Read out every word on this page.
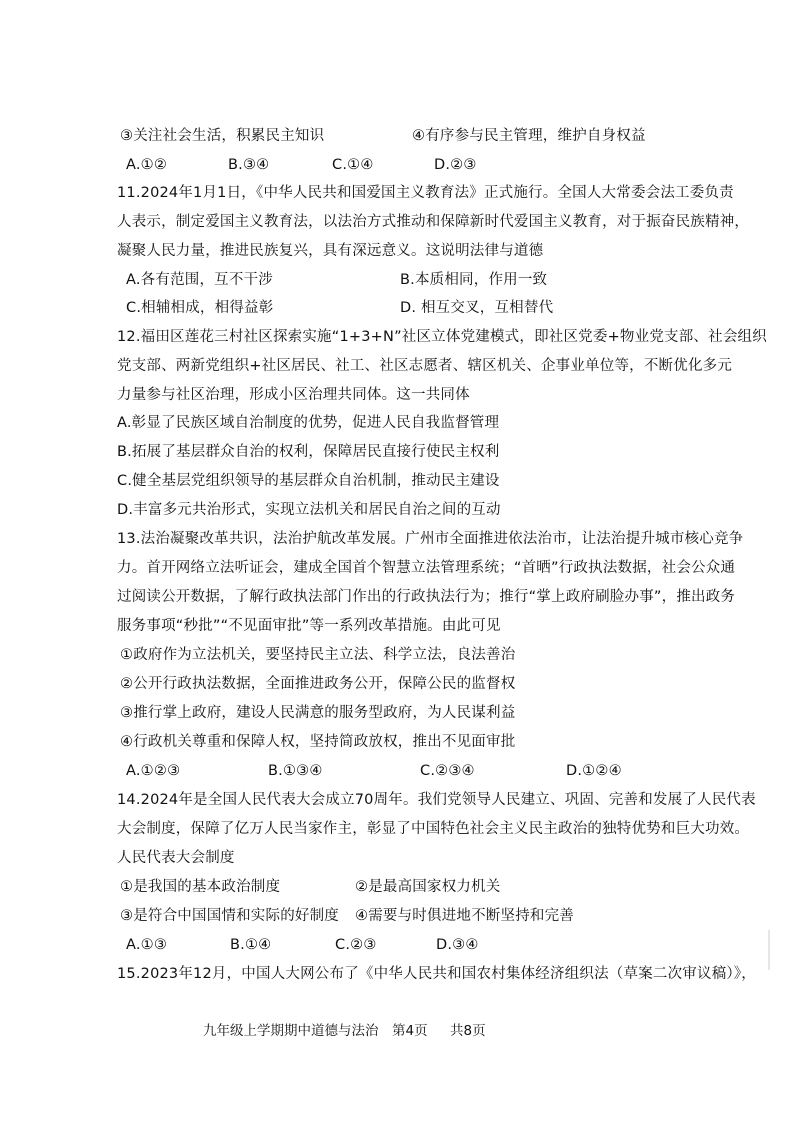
③关注社会生活，积累民主知识	④有序参与民主管理，维护自身权益
A.①②	B.③④	C.①④	D.②③
11.2024年1月1日，《中华人民共和国爱国主义教育法》正式施行。全国人大常委会法工委负责
人表示，制定爱国主义教育法，以法治方式推动和保障新时代爱国主义教育，对于振奋民族精神，
凝聚人民力量，推进民族复兴，具有深远意义。这说明法律与道德
A.各有范围，互不干涉	B.本质相同，作用一致
C.相辅相成，相得益彰	D. 相互交叉，互相替代
12.福田区莲花三村社区探索实施“1+3+N”社区立体党建模式，即社区党委+物业党支部、社会组织
党支部、两新党组织+社区居民、社工、社区志愿者、辖区机关、企事业单位等，不断优化多元
力量参与社区治理，形成小区治理共同体。这一共同体
A.彰显了民族区域自治制度的优势，促进人民自我监督管理
B.拓展了基层群众自治的权利，保障居民直接行使民主权利
C.健全基层党组织领导的基层群众自治机制，推动民主建设
D.丰富多元共治形式，实现立法机关和居民自治之间的互动
13.法治凝聚改革共识，法治护航改革发展。广州市全面推进依法治市，让法治提升城市核心竞争
力。首开网络立法听证会，建成全国首个智慧立法管理系统；“首晒”行政执法数据，社会公众通
过阅读公开数据，了解行政执法部门作出的行政执法行为；推行“掌上政府刷脸办事”，推出政务
服务事项“秒批”“不见面审批”等一系列改革措施。由此可见
①政府作为立法机关，要坚持民主立法、科学立法，良法善治
②公开行政执法数据，全面推进政务公开，保障公民的监督权
③推行掌上政府，建设人民满意的服务型政府，为人民谋利益
④行政机关尊重和保障人权，坚持简政放权，推出不见面审批
A.①②③	B.①③④	C.②③④	D.①②④
14.2024年是全国人民代表大会成立70周年。我们党领导人民建立、巩固、完善和发展了人民代表
大会制度，保障了亿万人民当家作主，彰显了中国特色社会主义民主政治的独特优势和巨大功效。
人民代表大会制度
①是我国的基本政治制度	②是最高国家权力机关
③是符合中国国情和实际的好制度 ④需要与时俱进地不断坚持和完善
A.①③	B.①④	C.②③	D.③④
15.2023年12月，中国人大网公布了《中华人民共和国农村集体经济组织法（草案二次审议稿）》，
九年级上学期期中道德与法治 第4页 共8页
